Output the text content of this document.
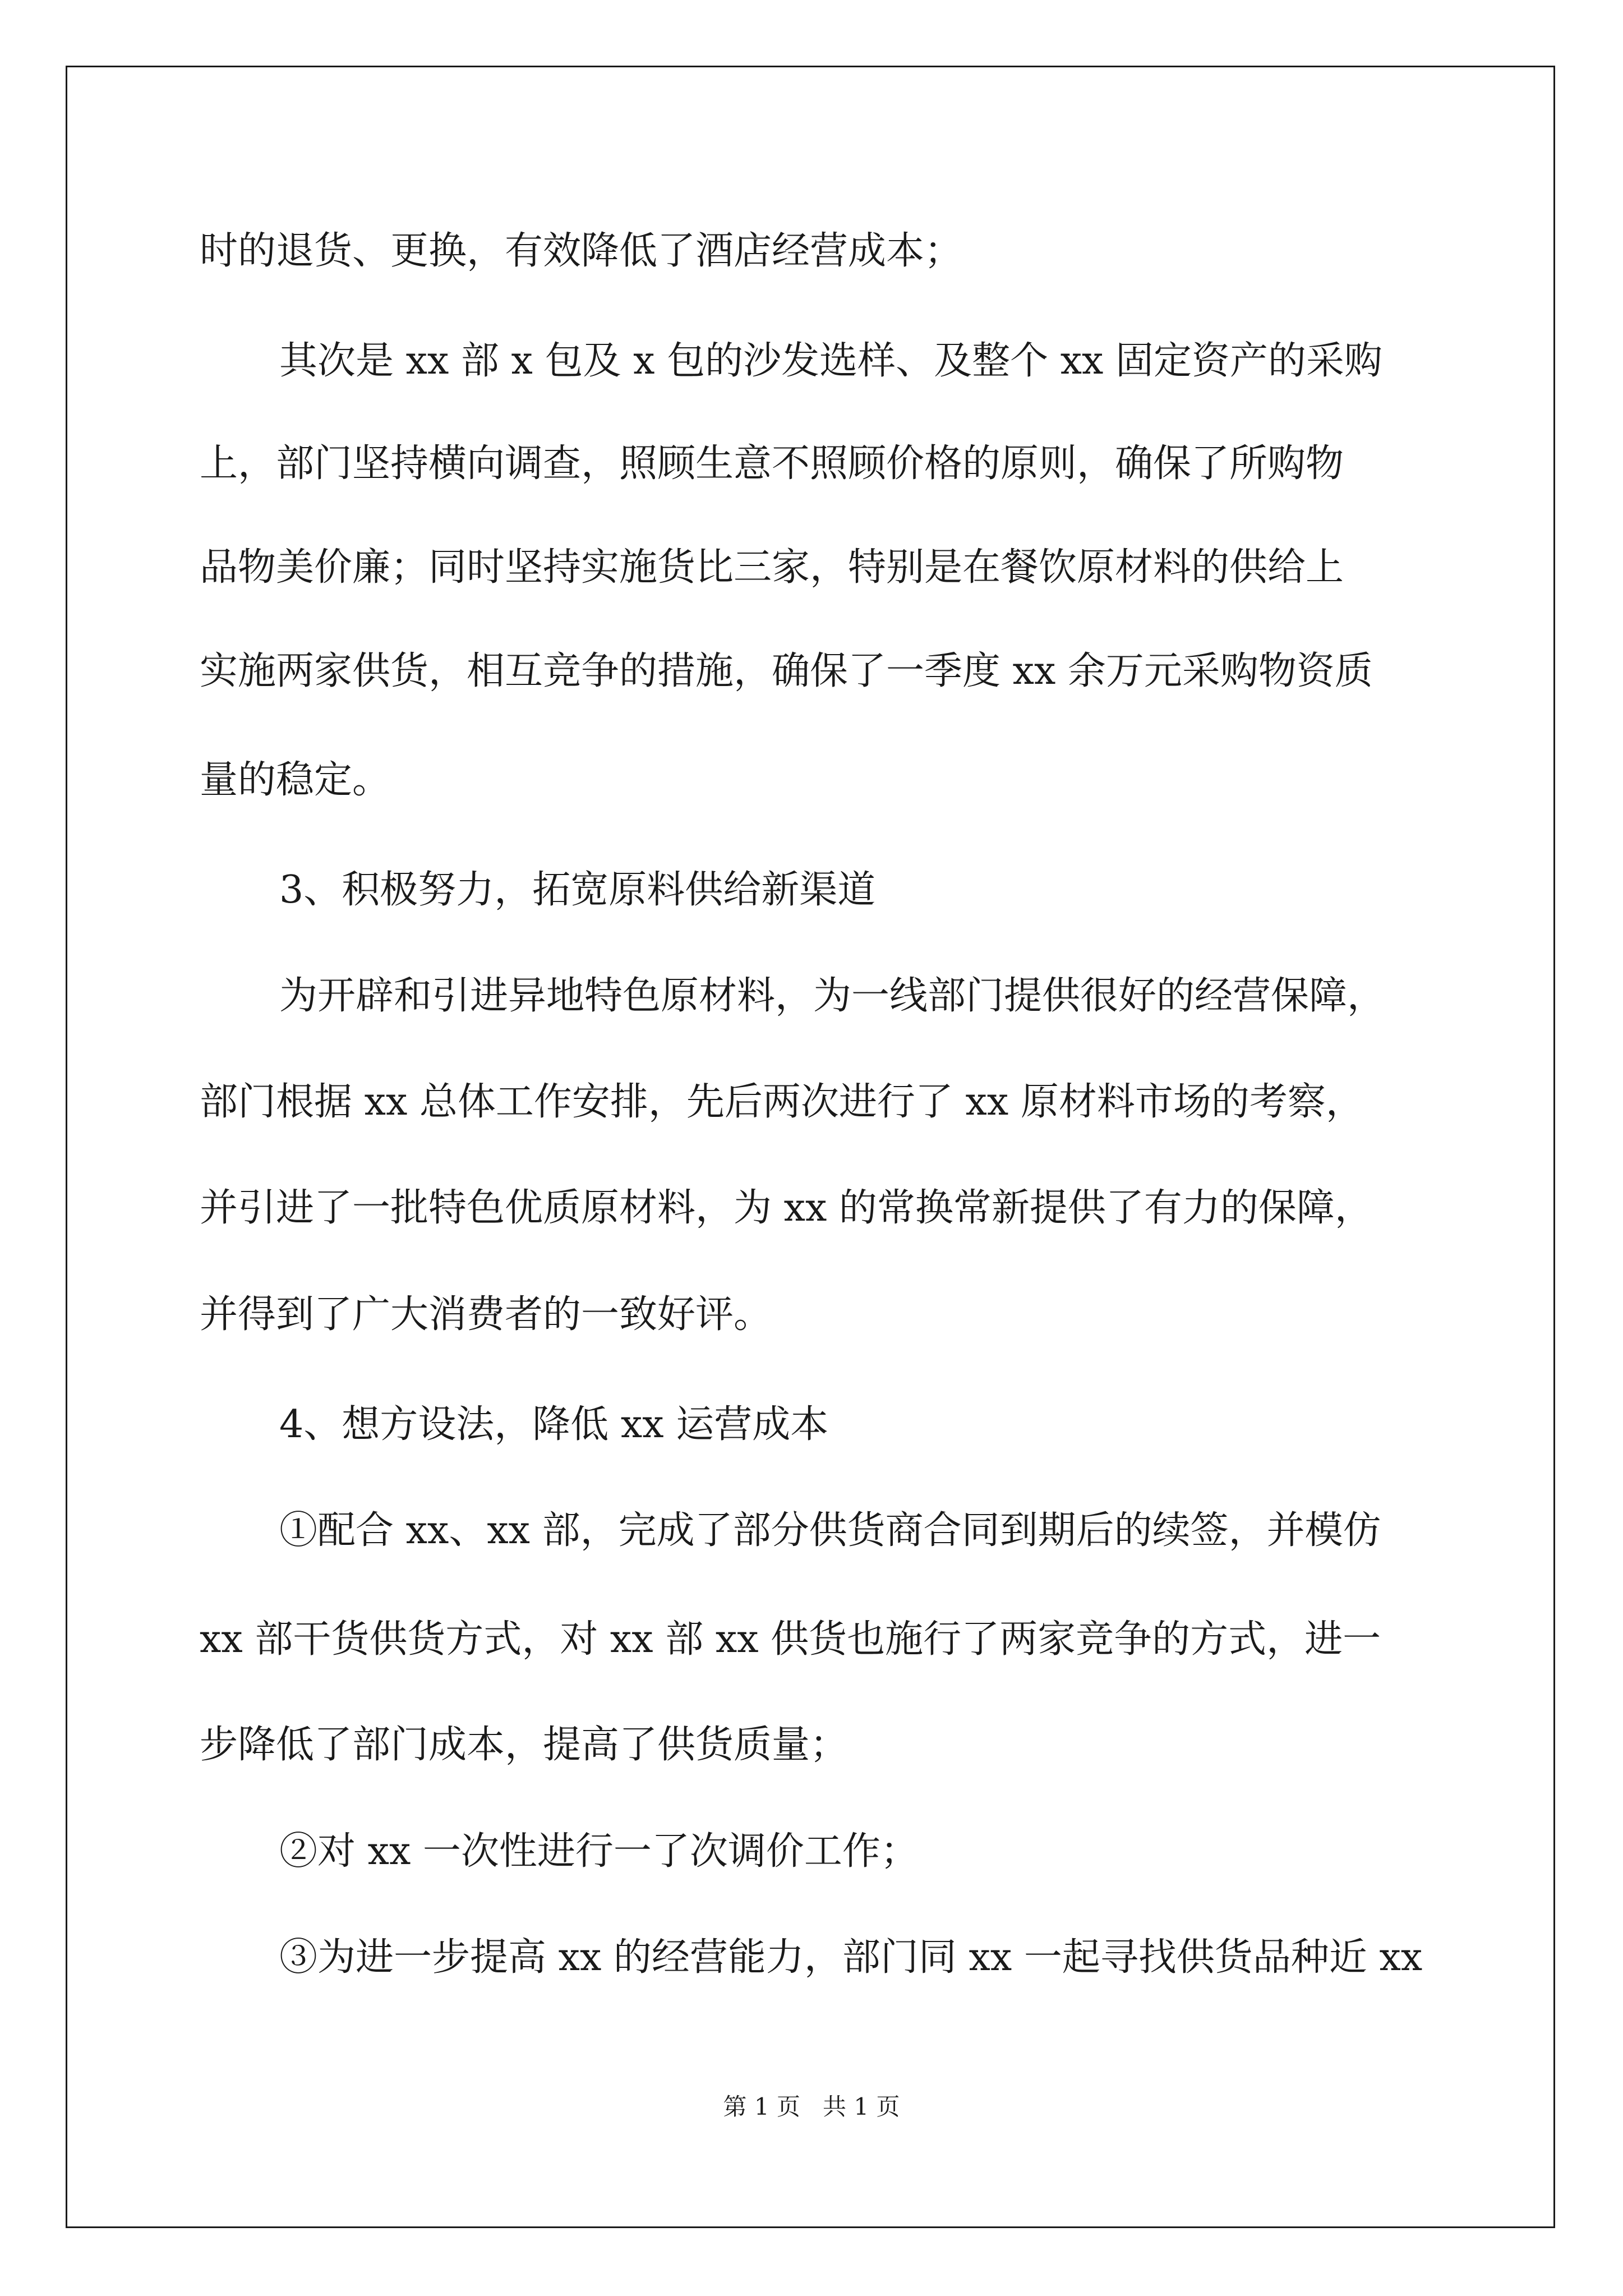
时的退货、更换，有效降低了酒店经营成本；
其次是 xx 部 x 包及 x 包的沙发选样、及整个 xx 固定资产的采购
上，部门坚持横向调查，照顾生意不照顾价格的原则，确保了所购物
品物美价廉；同时坚持实施货比三家，特别是在餐饮原材料的供给上
实施两家供货，相互竞争的措施，确保了一季度 xx 余万元采购物资质
量的稳定。
3、积极努力，拓宽原料供给新渠道
为开辟和引进异地特色原材料，为一线部门提供很好的经营保障，
部门根据 xx 总体工作安排，先后两次进行了 xx 原材料市场的考察，
并引进了一批特色优质原材料，为 xx 的常换常新提供了有力的保障，
并得到了广大消费者的一致好评。
4、想方设法，降低 xx 运营成本
①配合 xx、xx 部，完成了部分供货商合同到期后的续签，并模仿
xx 部干货供货方式，对 xx 部 xx 供货也施行了两家竞争的方式，进一
步降低了部门成本，提高了供货质量；
②对 xx 一次性进行一了次调价工作；
③为进一步提高 xx 的经营能力，部门同 xx 一起寻找供货品种近 xx
第 1 页   共 1 页
